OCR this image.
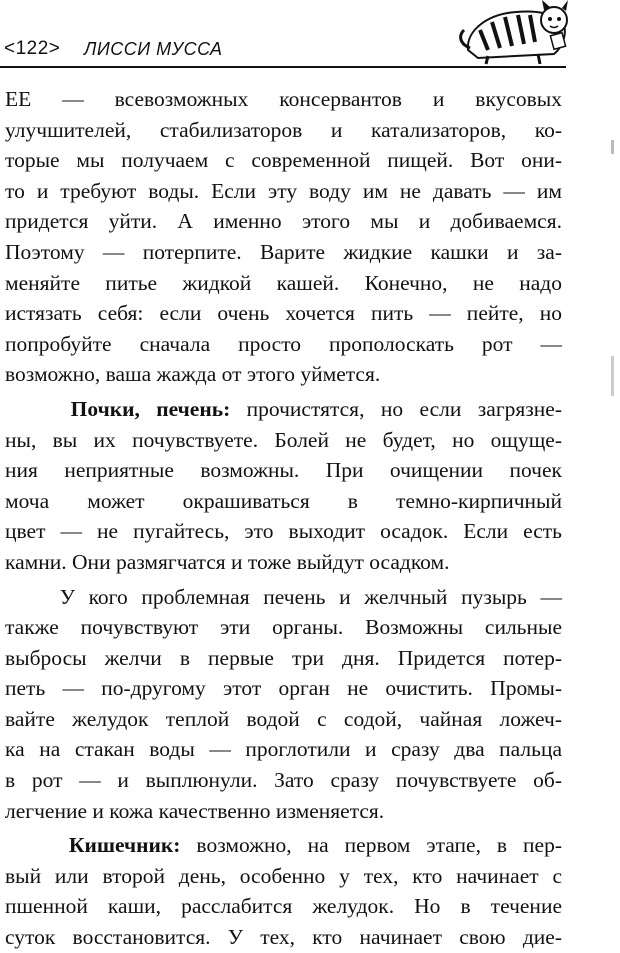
<122> ЛИССИ МУССА
ЕЕ — всевозможных консервантов и вкусовых
улучшителей, стабилизаторов и катализаторов, ко-
торые мы получаем с современной пищей. Вот они-
то и требуют воды. Если эту воду им не давать — им
придется уйти. А именно этого мы и добиваемся.
Поэтому — потерпите. Варите жидкие кашки и за-
меняйте питье жидкой кашей. Конечно, не надо
истязать себя: если очень хочется пить — пейте, но
попробуйте сначала просто прополоскать рот —
возможно, ваша жажда от этого уймется.
Почки, печень: прочистятся, но если загрязне-
ны, вы их почувствуете. Болей не будет, но ощуще-
ния неприятные возможны. При очищении почек
моча может окрашиваться в темно-кирпичный
цвет — не пугайтесь, это выходит осадок. Если есть
камни. Они размягчатся и тоже выйдут осадком.
У кого проблемная печень и желчный пузырь —
также почувствуют эти органы. Возможны сильные
выбросы желчи в первые три дня. Придется потер-
петь — по-другому этот орган не очистить. Промы-
вайте желудок теплой водой с содой, чайная ложеч-
ка на стакан воды — проглотили и сразу два пальца
в рот — и выплюнули. Зато сразу почувствуете об-
легчение и кожа качественно изменяется.
Кишечник: возможно, на первом этапе, в пер-
вый или второй день, особенно у тех, кто начинает с
пшенной каши, расслабится желудок. Но в течение
суток восстановится. У тех, кто начинает свою дие-
